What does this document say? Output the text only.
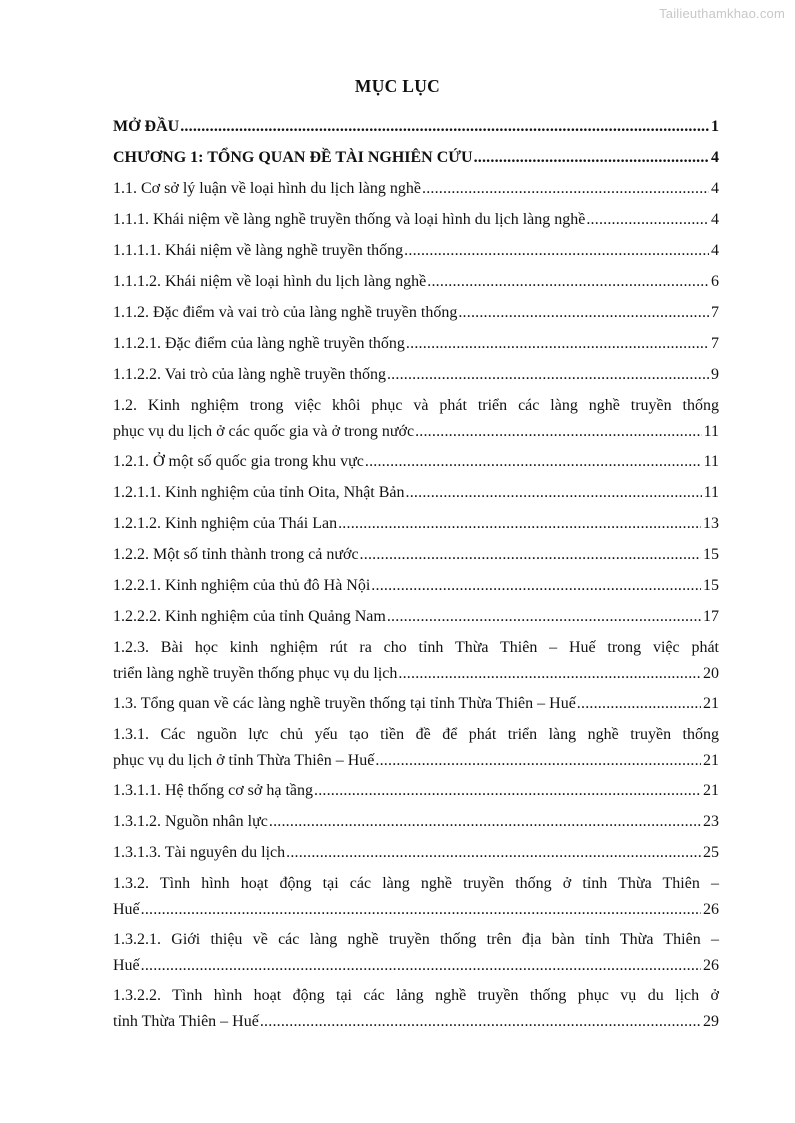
Tailieuthamkhao.com
MỤC LỤC
MỞ ĐẦU .....	1
CHƯƠNG 1: TỔNG QUAN ĐỀ TÀI NGHIÊN CỨU .....	4
1.1. Cơ sở lý luận về loại hình du lịch làng nghề .....	4
1.1.1. Khái niệm về làng nghề truyền thống và loại hình du lịch làng nghề .....	4
1.1.1.1. Khái niệm về làng nghề truyền thống .....	4
1.1.1.2. Khái niệm về loại hình du lịch làng nghề .....	6
1.1.2. Đặc điểm và vai trò của làng nghề truyền thống .....	7
1.1.2.1. Đặc điểm của làng nghề truyền thống .....	7
1.1.2.2. Vai trò của làng nghề truyền thống .....	9
1.2. Kinh nghiệm trong việc khôi phục và phát triển các làng nghề truyền thống
phục vụ du lịch ở các quốc gia và ở trong nước .....	11
1.2.1. Ở một số quốc gia trong khu vực .....	11
1.2.1.1. Kinh nghiệm của tỉnh Oita, Nhật Bản .....	11
1.2.1.2. Kinh nghiệm của Thái Lan .....	13
1.2.2. Một số tỉnh thành trong cả nước .....	15
1.2.2.1. Kinh nghiệm của thủ đô Hà Nội .....	15
1.2.2.2. Kinh nghiệm của tỉnh Quảng Nam .....	17
1.2.3. Bài học kinh nghiệm rút ra cho tỉnh Thừa Thiên – Huế trong việc phát
triển làng nghề truyền thống phục vụ du lịch .....	20
1.3. Tổng quan về các làng nghề truyền thống tại tỉnh Thừa Thiên – Huế .....	21
1.3.1. Các nguồn lực chủ yếu tạo tiền đề để phát triển làng nghề truyền thống
phục vụ du lịch ở tỉnh Thừa Thiên – Huế .....	21
1.3.1.1. Hệ thống cơ sở hạ tầng .....	21
1.3.1.2. Nguồn nhân lực .....	23
1.3.1.3. Tài nguyên du lịch .....	25
1.3.2. Tình hình hoạt động tại các làng nghề truyền thống ở tỉnh Thừa Thiên –
Huế .....	26
1.3.2.1. Giới thiệu về các làng nghề truyền thống trên địa bàn tỉnh Thừa Thiên –
Huế .....	26
1.3.2.2. Tình hình hoạt động tại các lảng nghề truyền thống phục vụ du lịch ở
tỉnh Thừa Thiên – Huế .....	29
